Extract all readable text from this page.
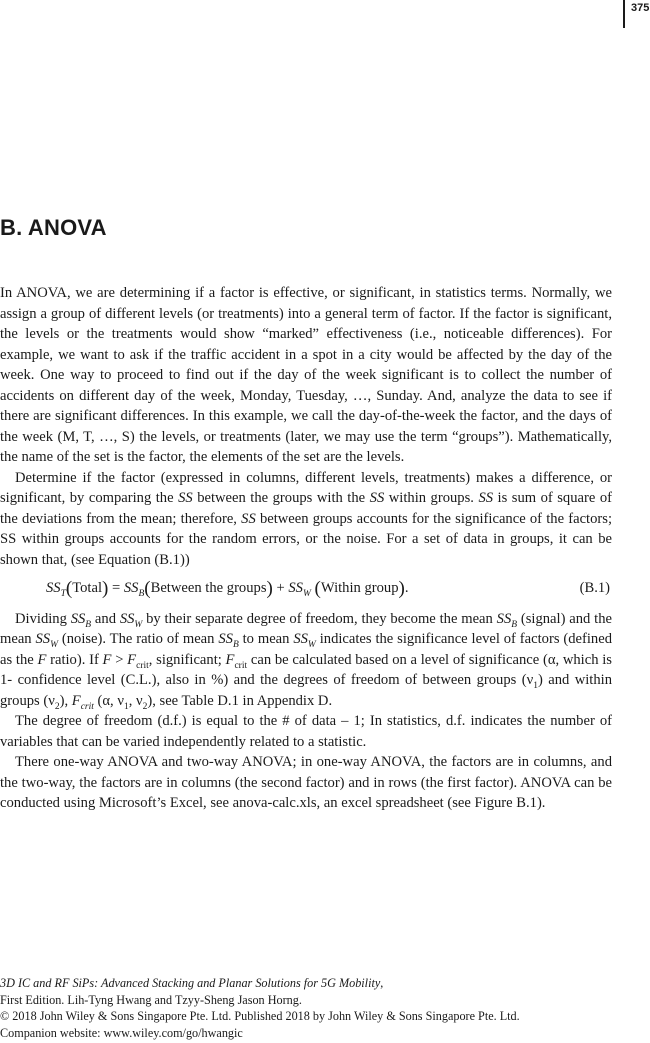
375
B. ANOVA

In ANOVA, we are determining if a factor is effective, or significant, in statistics terms. Normally, we assign a group of different levels (or treatments) into a general term of factor. If the factor is significant, the levels or the treatments would show “marked” effectiveness (i.e., noticeable differences). For example, we want to ask if the traffic accident in a spot in a city would be affected by the day of the week. One way to proceed to find out if the day of the week significant is to collect the number of accidents on different day of the week, Monday, Tuesday, …, Sunday. And, analyze the data to see if there are significant differences. In this example, we call the day-of-the-week the factor, and the days of the week (M, T, …, S) the levels, or treatments (later, we may use the term “groups”). Mathematically, the name of the set is the factor, the elements of the set are the levels.

Determine if the factor (expressed in columns, different levels, treatments) makes a difference, or significant, by comparing the SS between the groups with the SS within groups. SS is sum of square of the deviations from the mean; therefore, SS between groups accounts for the significance of the factors; SS within groups accounts for the random errors, or the noise. For a set of data in groups, it can be shown that, (see Equation (B.1))

$SS_T(Total)$ = $SS_B(Between$ the groups) + $SS_W$ (Within group).	(B.1)

Dividing $SS_B$ and $SS_W$ by their separate degree of freedom, they become the mean $SS_B$ (signal) and the mean $SS_W$ (noise). The ratio of mean $SS_B$ to mean $SS_W$ indicates the significance level of factors (defined as the F ratio). If $F > F_{crit}$, significant; $F_{crit}$ can be calculated based on a level of significance (α, which is 1- confidence level (C.L.), also in %) and the degrees of freedom of between groups $(\nu_1)$ and within groups $(\nu_2)$, $F_{crit}$ (α, $\nu_1$, $\nu_2$), see Table D.1 in Appendix D.

The degree of freedom (d.f.) is equal to the # of data – 1; In statistics, d.f. indicates the number of variables that can be varied independently related to a statistic.

There one-way ANOVA and two-way ANOVA; in one-way ANOVA, the factors are in columns, and the two-way, the factors are in columns (the second factor) and in rows (the first factor). ANOVA can be conducted using Microsoft’s Excel, see anova-calc.xls, an excel spreadsheet (see Figure B.1).

3D IC and RF SiPs: Advanced Stacking and Planar Solutions for 5G Mobility,
First Edition. Lih-Tyng Hwang and Tzyy-Sheng Jason Horng.
© 2018 John Wiley & Sons Singapore Pte. Ltd. Published 2018 by John Wiley & Sons Singapore Pte. Ltd.
Companion website: www.wiley.com/go/hwangic
